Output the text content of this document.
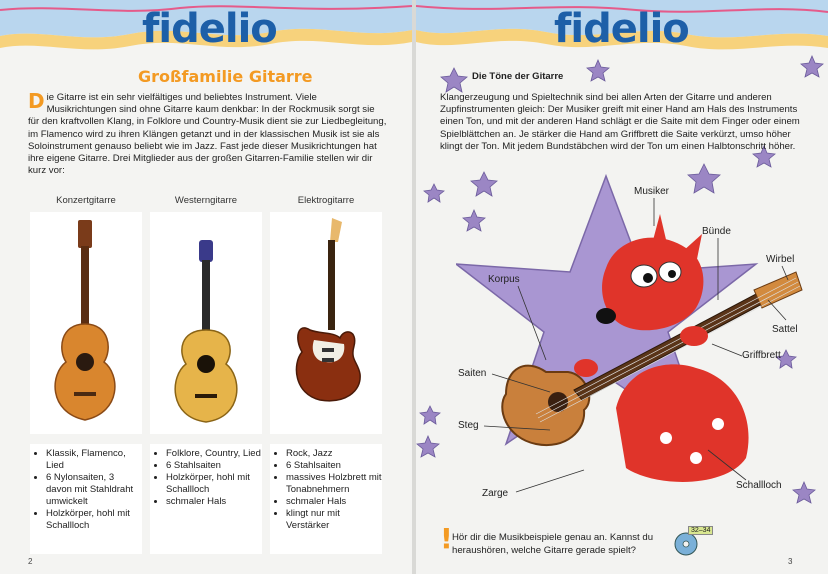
fidelio
Großfamilie Gitarre
Die Gitarre ist ein sehr vielfältiges und beliebtes Instrument. Viele Musikrichtungen sind ohne Gitarre kaum denkbar: In der Rockmusik sorgt sie für den kraftvollen Klang, in Folklore und Country-Musik dient sie zur Liedbegleitung, im Flamenco wird zu ihren Klängen getanzt und in der klassischen Musik ist sie als Soloinstrument genauso beliebt wie im Jazz. Fast jede dieser Musikrichtungen hat ihre eigene Gitarre. Drei Mitglieder aus der großen Gitarren-Familie stellen wir dir kurz vor:
Konzertgitarre	Westerngitarre	Elektrogitarre
• Klassik, Flamenco, Lied
• 6 Nylonsaiten, 3 davon mit Stahldraht umwickelt
• Holzkörper, hohl mit Schallloch
• Folklore, Country, Lied
• 6 Stahlsaiten
• Holzkörper, hohl mit Schallloch
• schmaler Hals
• Rock, Jazz
• 6 Stahlsaiten
• massives Holzbrett mit Tonabnehmern
• schmaler Hals
• klingt nur mit Verstärker
2
fidelio
Die Töne der Gitarre
Klangerzeugung und Spieltechnik sind bei allen Arten der Gitarre und anderen Zupfinstrumenten gleich: Der Musiker greift mit einer Hand am Hals des Instruments einen Ton, und mit der anderen Hand schlägt er die Saite mit dem Finger oder einem Spielblättchen an. Je stärker die Hand am Griffbrett die Saite verkürzt, umso höher klingt der Ton. Mit jedem Bundstäbchen wird der Ton um einen Halbtonschritt höher.
Musiker
Bünde
Wirbel
Korpus
Sattel
Griffbrett
Saiten
Steg
Zarge
Schallloch
! Hör dir die Musikbeispiele genau an. Kannst du heraushören, welche Gitarre gerade spielt?
32–34
3
